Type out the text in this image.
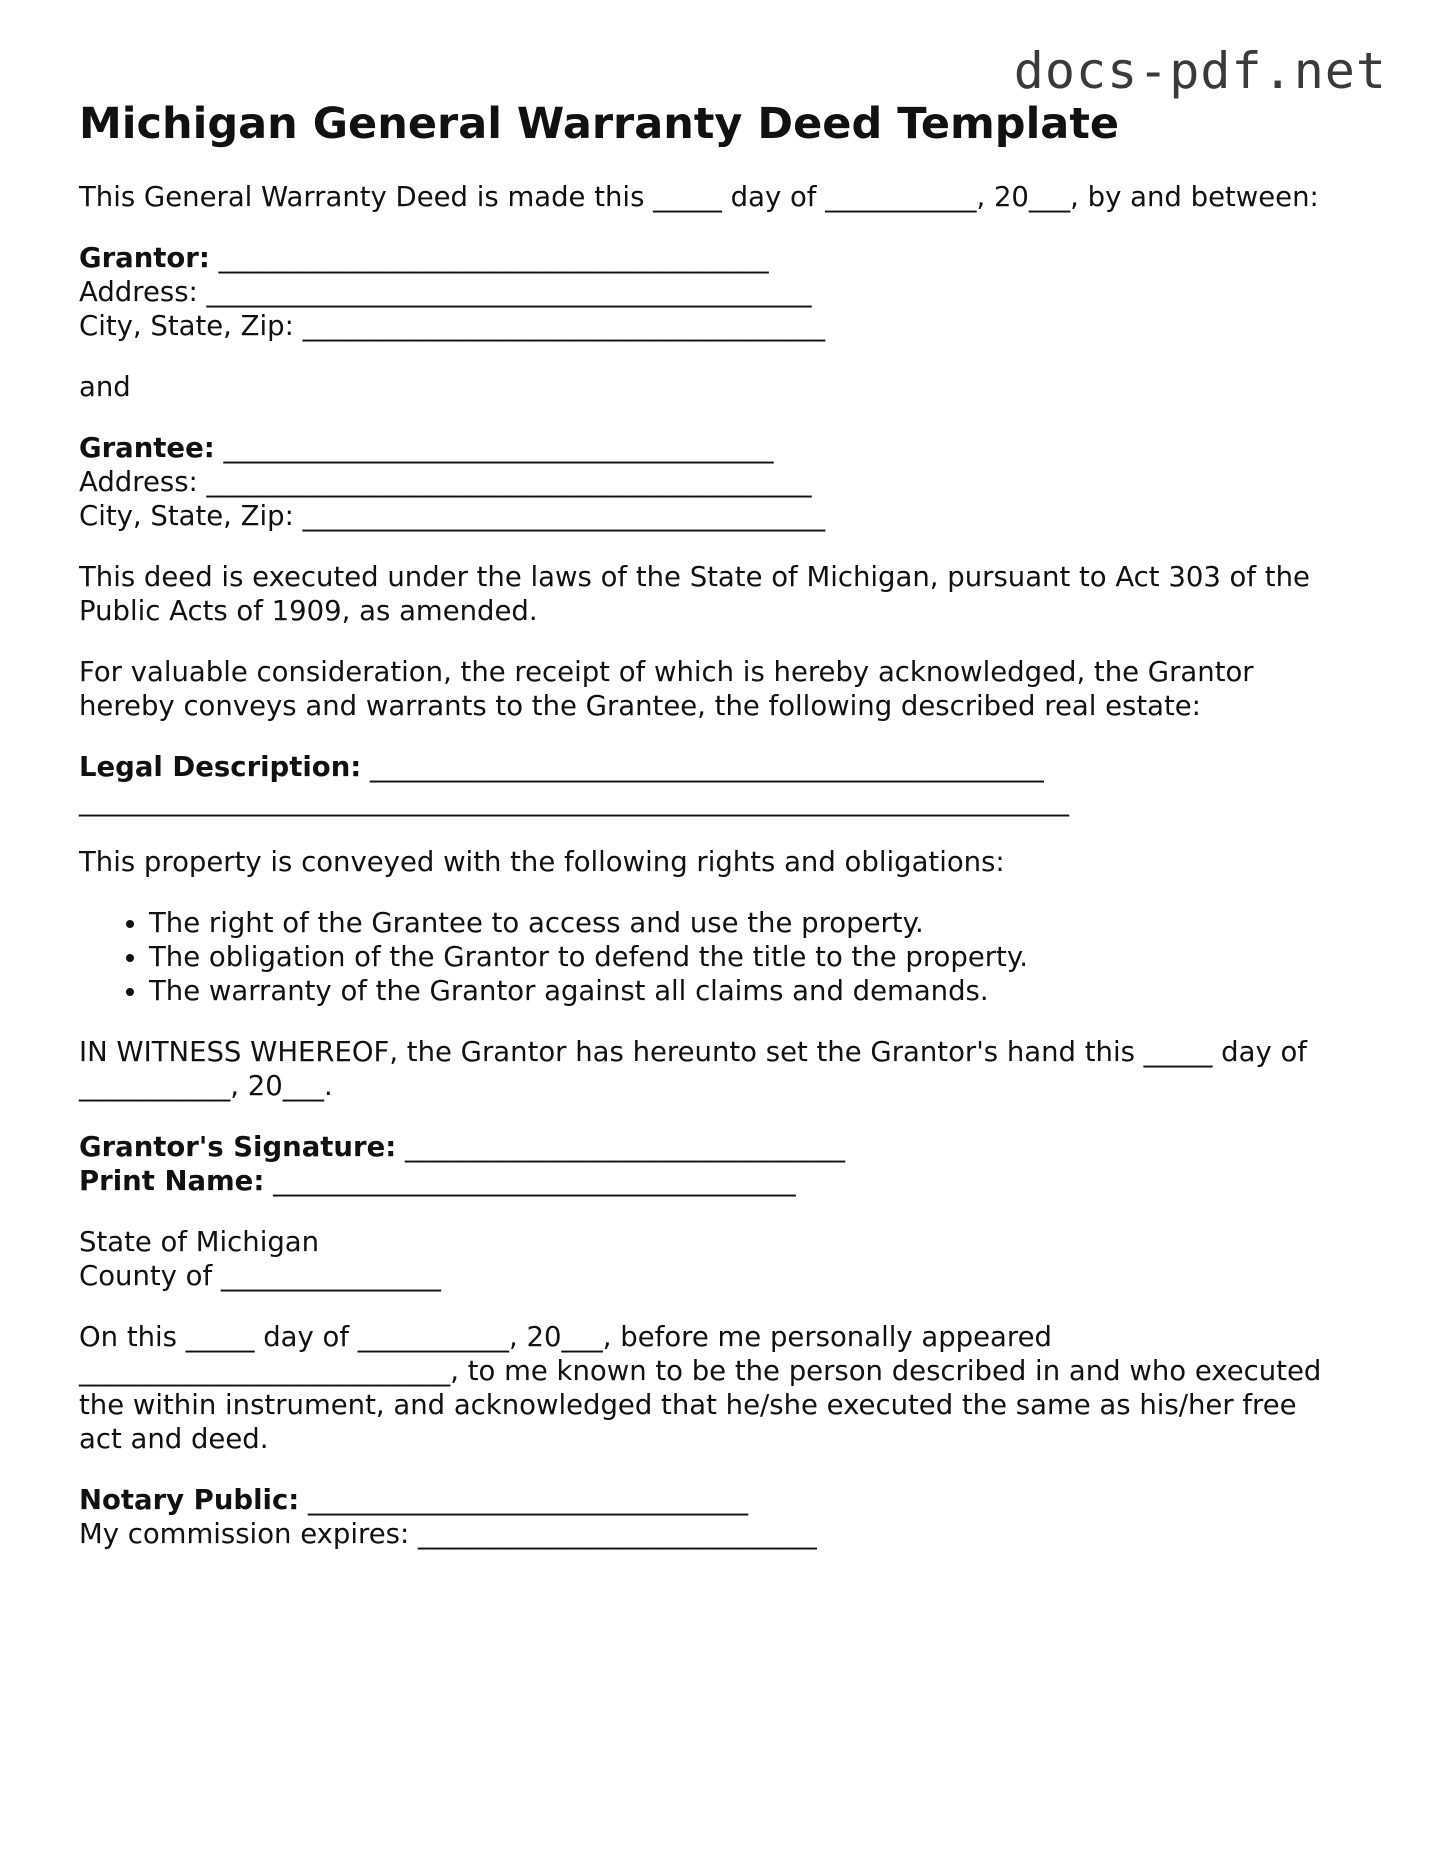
docs-pdf.net
Michigan General Warranty Deed Template

This General Warranty Deed is made this _____ day of ___________, 20___, by and between:

Grantor: ________________________________________
Address: ____________________________________________
City, State, Zip: ______________________________________

and

Grantee: ________________________________________
Address: ____________________________________________
City, State, Zip: ______________________________________
This deed is executed under the laws of the State of Michigan, pursuant to Act 303 of the
Public Acts of 1909, as amended.
For valuable consideration, the receipt of which is hereby acknowledged, the Grantor
hereby conveys and warrants to the Grantee, the following described real estate:
Legal Description: _________________________________________________
________________________________________________________________________

This property is conveyed with the following rights and obligations:

• The right of the Grantee to access and use the property.
• The obligation of the Grantor to defend the title to the property.
• The warranty of the Grantor against all claims and demands.
IN WITNESS WHEREOF, the Grantor has hereunto set the Grantor's hand this _____ day of
___________, 20___.
Grantor's Signature: ________________________________
Print Name: ______________________________________
State of Michigan
County of ________________
On this _____ day of ___________, 20___, before me personally appeared
___________________________, to me known to be the person described in and who executed
the within instrument, and acknowledged that he/she executed the same as his/her free
act and deed.
Notary Public: ________________________________
My commission expires: _____________________________
